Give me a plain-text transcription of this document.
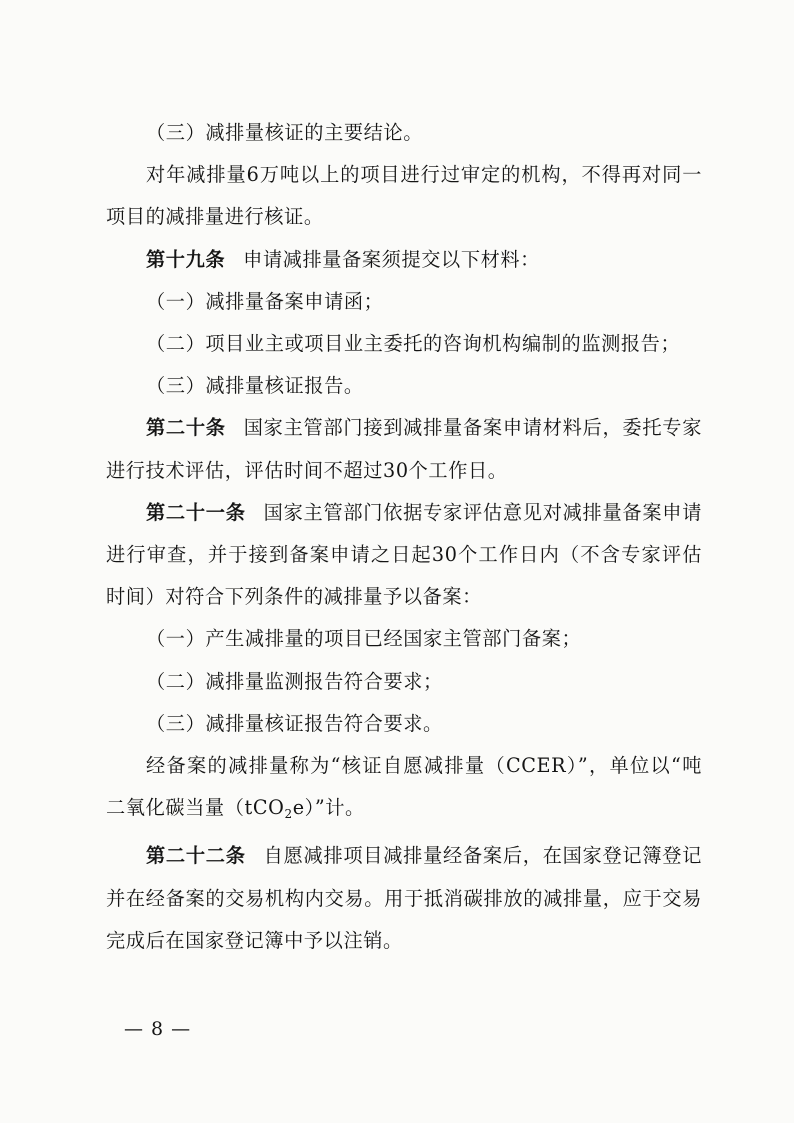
（三）减排量核证的主要结论。

对年减排量6万吨以上的项目进行过审定的机构，不得再对同一项目的减排量进行核证。

第十九条 申请减排量备案须提交以下材料：

（一）减排量备案申请函；

（二）项目业主或项目业主委托的咨询机构编制的监测报告；

（三）减排量核证报告。

第二十条 国家主管部门接到减排量备案申请材料后，委托专家进行技术评估，评估时间不超过30个工作日。

第二十一条 国家主管部门依据专家评估意见对减排量备案申请进行审查，并于接到备案申请之日起30个工作日内（不含专家评估时间）对符合下列条件的减排量予以备案：

（一）产生减排量的项目已经国家主管部门备案；

（二）减排量监测报告符合要求；

（三）减排量核证报告符合要求。

经备案的减排量称为“核证自愿减排量（CCER）”，单位以“吨二氧化碳当量（tCO$_2$e）”计。

第二十二条 自愿减排项目减排量经备案后，在国家登记簿登记并在经备案的交易机构内交易。用于抵消碳排放的减排量，应于交易完成后在国家登记簿中予以注销。

— 8 —
